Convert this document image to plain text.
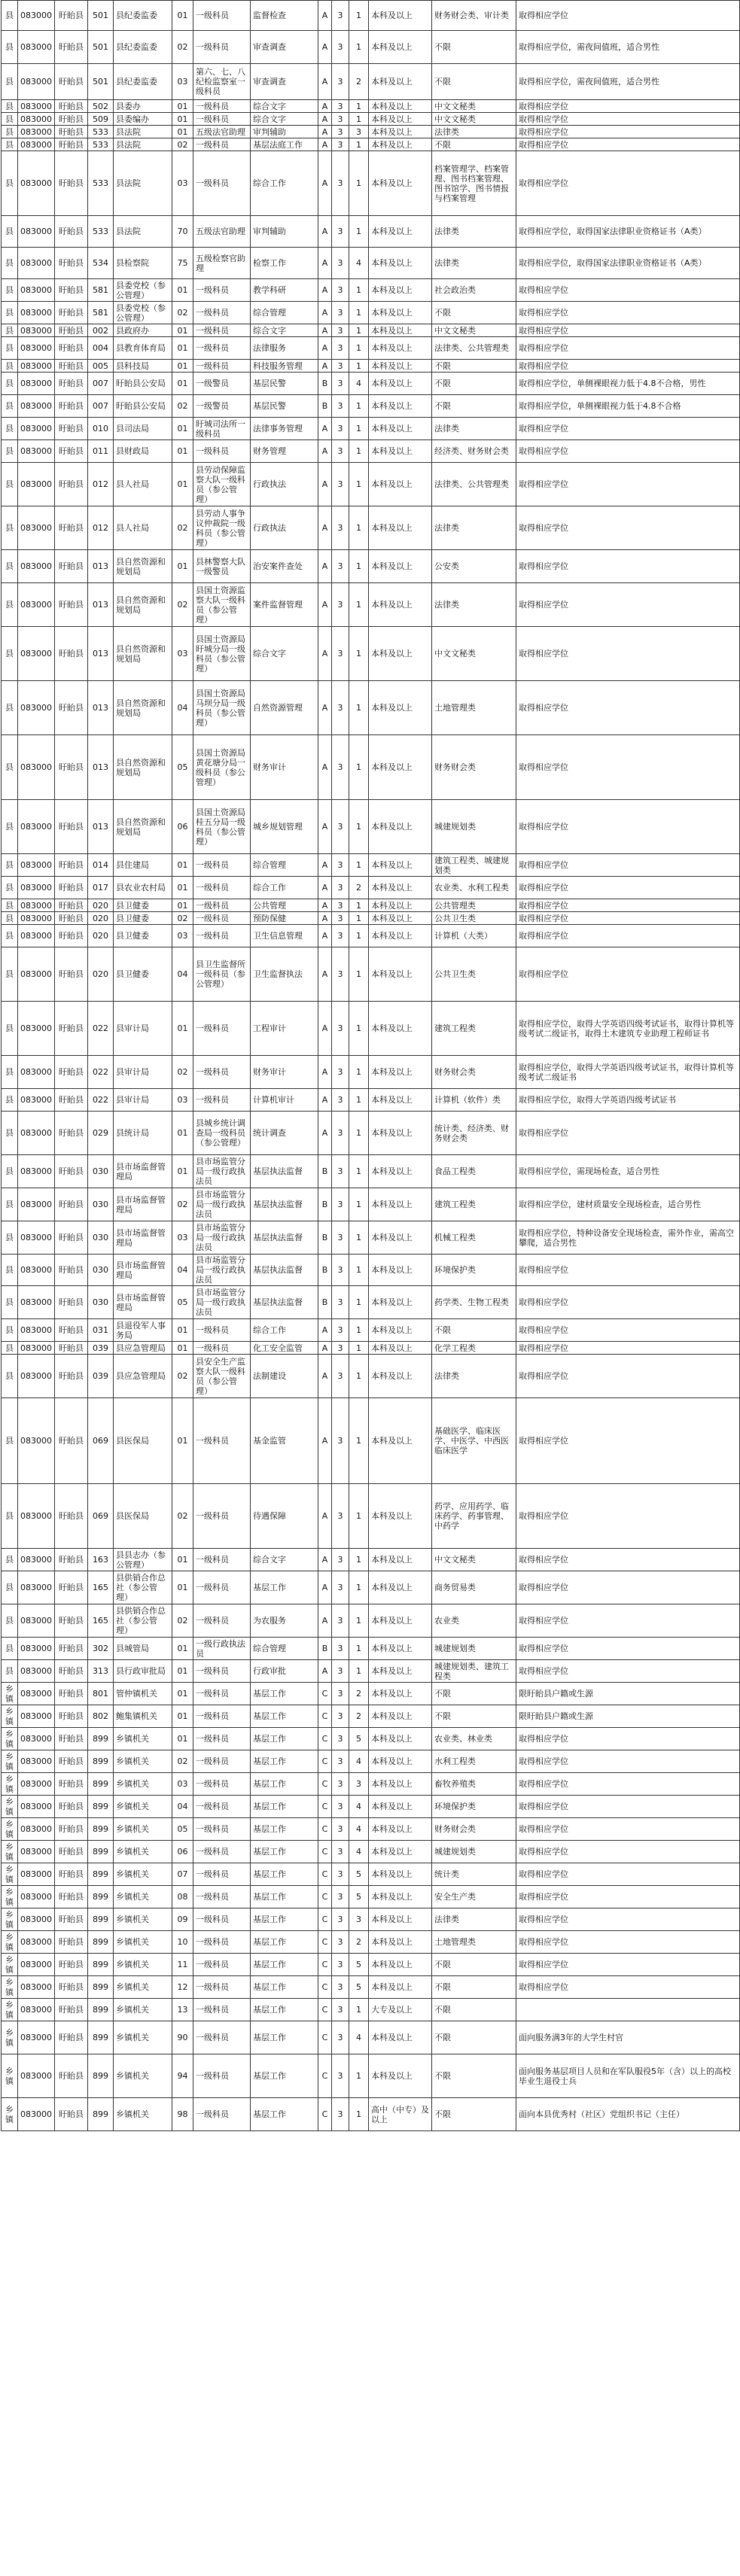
县	083000	盱眙县	501	县纪委监委	01	一级科员	监督检查	A	3	1	本科及以上	财务财会类、审计类	取得相应学位
县	083000	盱眙县	501	县纪委监委	02	一级科员	审查调查	A	3	1	本科及以上	不限	取得相应学位，需夜间值班，适合男性
县	083000	盱眙县	501	县纪委监委	03	第六、七、八纪检监察室一级科员	审查调查	A	3	2	本科及以上	不限	取得相应学位，需夜间值班，适合男性
县	083000	盱眙县	502	县委办	01	一级科员	综合文字	A	3	1	本科及以上	中文文秘类	取得相应学位
县	083000	盱眙县	509	县委编办	01	一级科员	综合文字	A	3	1	本科及以上	中文文秘类	取得相应学位
县	083000	盱眙县	533	县法院	01	五级法官助理	审判辅助	A	3	3	本科及以上	法律类	取得相应学位
县	083000	盱眙县	533	县法院	02	一级科员	基层法庭工作	A	3	1	本科及以上	不限	取得相应学位
县	083000	盱眙县	533	县法院	03	一级科员	综合工作	A	3	1	本科及以上	档案管理学、档案管理、图书档案管理、图书馆学、图书情报与档案管理	取得相应学位
县	083000	盱眙县	533	县法院	70	五级法官助理	审判辅助	A	3	1	本科及以上	法律类	取得相应学位，取得国家法律职业资格证书（A类）
县	083000	盱眙县	534	县检察院	75	五级检察官助理	检察工作	A	3	4	本科及以上	法律类	取得相应学位，取得国家法律职业资格证书（A类）
县	083000	盱眙县	581	县委党校（参公管理）	01	一级科员	教学科研	A	3	1	本科及以上	社会政治类	取得相应学位
县	083000	盱眙县	581	县委党校（参公管理）	02	一级科员	综合管理	A	3	1	本科及以上	不限	取得相应学位
县	083000	盱眙县	002	县政府办	01	一级科员	综合文字	A	3	1	本科及以上	中文文秘类	取得相应学位
县	083000	盱眙县	004	县教育体育局	01	一级科员	法律服务	A	3	1	本科及以上	法律类、公共管理类	取得相应学位
县	083000	盱眙县	005	县科技局	01	一级科员	科技服务管理	A	3	1	本科及以上	不限	取得相应学位
县	083000	盱眙县	007	盱眙县公安局	01	一级警员	基层民警	B	3	4	本科及以上	不限	取得相应学位，单侧裸眼视力低于4.8不合格，男性
县	083000	盱眙县	007	盱眙县公安局	02	一级警员	基层民警	B	3	1	本科及以上	不限	取得相应学位，单侧裸眼视力低于4.8不合格
县	083000	盱眙县	010	县司法局	01	盱城司法所一级科员	法律事务管理	A	3	1	本科及以上	法律类	取得相应学位
县	083000	盱眙县	011	县财政局	01	一级科员	财务管理	A	3	1	本科及以上	经济类、财务财会类	取得相应学位
县	083000	盱眙县	012	县人社局	01	县劳动保障监察大队一级科员（参公管理）	行政执法	A	3	1	本科及以上	法律类、公共管理类	取得相应学位
县	083000	盱眙县	012	县人社局	02	县劳动人事争议仲裁院一级科员（参公管理）	行政执法	A	3	1	本科及以上	法律类	取得相应学位
县	083000	盱眙县	013	县自然资源和规划局	01	县林警察大队一级警员	治安案件查处	A	3	1	本科及以上	公安类	取得相应学位
县	083000	盱眙县	013	县自然资源和规划局	02	县国土资源监察大队一级科员（参公管理）	案件监督管理	A	3	1	本科及以上	法律类	取得相应学位
县	083000	盱眙县	013	县自然资源和规划局	03	县国土资源局盱城分局一级科员（参公管理）	综合文字	A	3	1	本科及以上	中文文秘类	取得相应学位
县	083000	盱眙县	013	县自然资源和规划局	04	县国土资源局马坝分局一级科员（参公管理）	自然资源管理	A	3	1	本科及以上	土地管理类	取得相应学位
县	083000	盱眙县	013	县自然资源和规划局	05	县国土资源局黄花塘分局一级科员（参公管理）	财务审计	A	3	1	本科及以上	财务财会类	取得相应学位
县	083000	盱眙县	013	县自然资源和规划局	06	县国土资源局桂五分局一级科员（参公管理）	城乡规划管理	A	3	1	本科及以上	城建规划类	取得相应学位
县	083000	盱眙县	014	县住建局	01	一级科员	综合管理	A	3	1	本科及以上	建筑工程类、城建规划类	取得相应学位
县	083000	盱眙县	017	县农业农村局	01	一级科员	综合工作	A	3	2	本科及以上	农业类、水利工程类	取得相应学位
县	083000	盱眙县	020	县卫健委	01	一级科员	公共管理	A	3	1	本科及以上	公共管理类	取得相应学位
县	083000	盱眙县	020	县卫健委	02	一级科员	预防保健	A	3	1	本科及以上	公共卫生类	取得相应学位
县	083000	盱眙县	020	县卫健委	03	一级科员	卫生信息管理	A	3	1	本科及以上	计算机（大类）	取得相应学位
县	083000	盱眙县	020	县卫健委	04	县卫生监督所一级科员（参公管理）	卫生监督执法	A	3	1	本科及以上	公共卫生类	取得相应学位
县	083000	盱眙县	022	县审计局	01	一级科员	工程审计	A	3	1	本科及以上	建筑工程类	取得相应学位，取得大学英语四级考试证书，取得计算机等级考试二级证书，取得土木建筑专业助理工程师证书
县	083000	盱眙县	022	县审计局	02	一级科员	财务审计	A	3	1	本科及以上	财务财会类	取得相应学位，取得大学英语四级考试证书，取得计算机等级考试二级证书
县	083000	盱眙县	022	县审计局	03	一级科员	计算机审计	A	3	1	本科及以上	计算机（软件）类	取得相应学位，取得大学英语四级考试证书
县	083000	盱眙县	029	县统计局	01	县城乡统计调查局一级科员（参公管理）	统计调查	A	3	1	本科及以上	统计类、经济类、财务财会类	取得相应学位
县	083000	盱眙县	030	县市场监督管理局	01	县市场监管分局一级行政执法员	基层执法监督	B	3	1	本科及以上	食品工程类	取得相应学位，需现场检查，适合男性
县	083000	盱眙县	030	县市场监督管理局	02	县市场监管分局一级行政执法员	基层执法监督	B	3	1	本科及以上	建筑工程类	取得相应学位，建材质量安全现场检查，适合男性
县	083000	盱眙县	030	县市场监督管理局	03	县市场监管分局一级行政执法员	基层执法监督	B	3	1	本科及以上	机械工程类	取得相应学位，特种设备安全现场检查，需外作业，需高空攀爬，适合男性
县	083000	盱眙县	030	县市场监督管理局	04	县市场监管分局一级行政执法员	基层执法监督	B	3	1	本科及以上	环境保护类	取得相应学位
县	083000	盱眙县	030	县市场监督管理局	05	县市场监管分局一级行政执法员	基层执法监督	B	3	1	本科及以上	药学类、生物工程类	取得相应学位
县	083000	盱眙县	031	县退役军人事务局	01	一级科员	综合工作	A	3	1	本科及以上	不限	取得相应学位
县	083000	盱眙县	039	县应急管理局	01	一级科员	化工安全监管	A	3	1	本科及以上	化学工程类	取得相应学位
县	083000	盱眙县	039	县应急管理局	02	县安全生产监察大队一级科员（参公管理）	法制建设	A	3	1	本科及以上	法律类	取得相应学位
县	083000	盱眙县	069	县医保局	01	一级科员	基金监管	A	3	1	本科及以上	基础医学、临床医学、中医学、中西医临床医学	取得相应学位
县	083000	盱眙县	069	县医保局	02	一级科员	待遇保障	A	3	1	本科及以上	药学、应用药学、临床药学、药事管理、中药学	取得相应学位
县	083000	盱眙县	163	县县志办（参公管理）	01	一级科员	综合文字	A	3	1	本科及以上	中文文秘类	取得相应学位
县	083000	盱眙县	165	县供销合作总社（参公管理）	01	一级科员	基层工作	A	3	1	本科及以上	商务贸易类	取得相应学位
县	083000	盱眙县	165	县供销合作总社（参公管理）	02	一级科员	为农服务	A	3	1	本科及以上	农业类	取得相应学位
县	083000	盱眙县	302	县城管局	01	一级行政执法员	综合管理	B	3	1	本科及以上	城建规划类	取得相应学位
县	083000	盱眙县	313	县行政审批局	01	一级科员	行政审批	A	3	1	本科及以上	城建规划类、建筑工程类	取得相应学位
乡镇	083000	盱眙县	801	管仲镇机关	01	一级科员	基层工作	C	3	2	本科及以上	不限	限盱眙县户籍或生源
乡镇	083000	盱眙县	802	鲍集镇机关	01	一级科员	基层工作	C	3	2	本科及以上	不限	限盱眙县户籍或生源
乡镇	083000	盱眙县	899	乡镇机关	01	一级科员	基层工作	C	3	5	本科及以上	农业类、林业类	取得相应学位
乡镇	083000	盱眙县	899	乡镇机关	02	一级科员	基层工作	C	3	4	本科及以上	水利工程类	取得相应学位
乡镇	083000	盱眙县	899	乡镇机关	03	一级科员	基层工作	C	3	3	本科及以上	畜牧养殖类	取得相应学位
乡镇	083000	盱眙县	899	乡镇机关	04	一级科员	基层工作	C	3	4	本科及以上	环境保护类	取得相应学位
乡镇	083000	盱眙县	899	乡镇机关	05	一级科员	基层工作	C	3	4	本科及以上	财务财会类	取得相应学位
乡镇	083000	盱眙县	899	乡镇机关	06	一级科员	基层工作	C	3	4	本科及以上	城建规划类	取得相应学位
乡镇	083000	盱眙县	899	乡镇机关	07	一级科员	基层工作	C	3	5	本科及以上	统计类	取得相应学位
乡镇	083000	盱眙县	899	乡镇机关	08	一级科员	基层工作	C	3	5	本科及以上	安全生产类	取得相应学位
乡镇	083000	盱眙县	899	乡镇机关	09	一级科员	基层工作	C	3	3	本科及以上	法律类	取得相应学位
乡镇	083000	盱眙县	899	乡镇机关	10	一级科员	基层工作	C	3	2	本科及以上	土地管理类	取得相应学位
乡镇	083000	盱眙县	899	乡镇机关	11	一级科员	基层工作	C	3	5	本科及以上	不限	取得相应学位
乡镇	083000	盱眙县	899	乡镇机关	12	一级科员	基层工作	C	3	5	本科及以上	不限	取得相应学位
乡镇	083000	盱眙县	899	乡镇机关	13	一级科员	基层工作	C	3	1	大专及以上	不限	
乡镇	083000	盱眙县	899	乡镇机关	90	一级科员	基层工作	C	3	4	本科及以上	不限	面向服务满3年的大学生村官
乡镇	083000	盱眙县	899	乡镇机关	94	一级科员	基层工作	C	3	1	本科及以上	不限	面向服务基层项目人员和在军队服役5年（含）以上的高校毕业生退役士兵
乡镇	083000	盱眙县	899	乡镇机关	98	一级科员	基层工作	C	3	1	高中（中专）及以上	不限	面向本县优秀村（社区）党组织书记（主任）
